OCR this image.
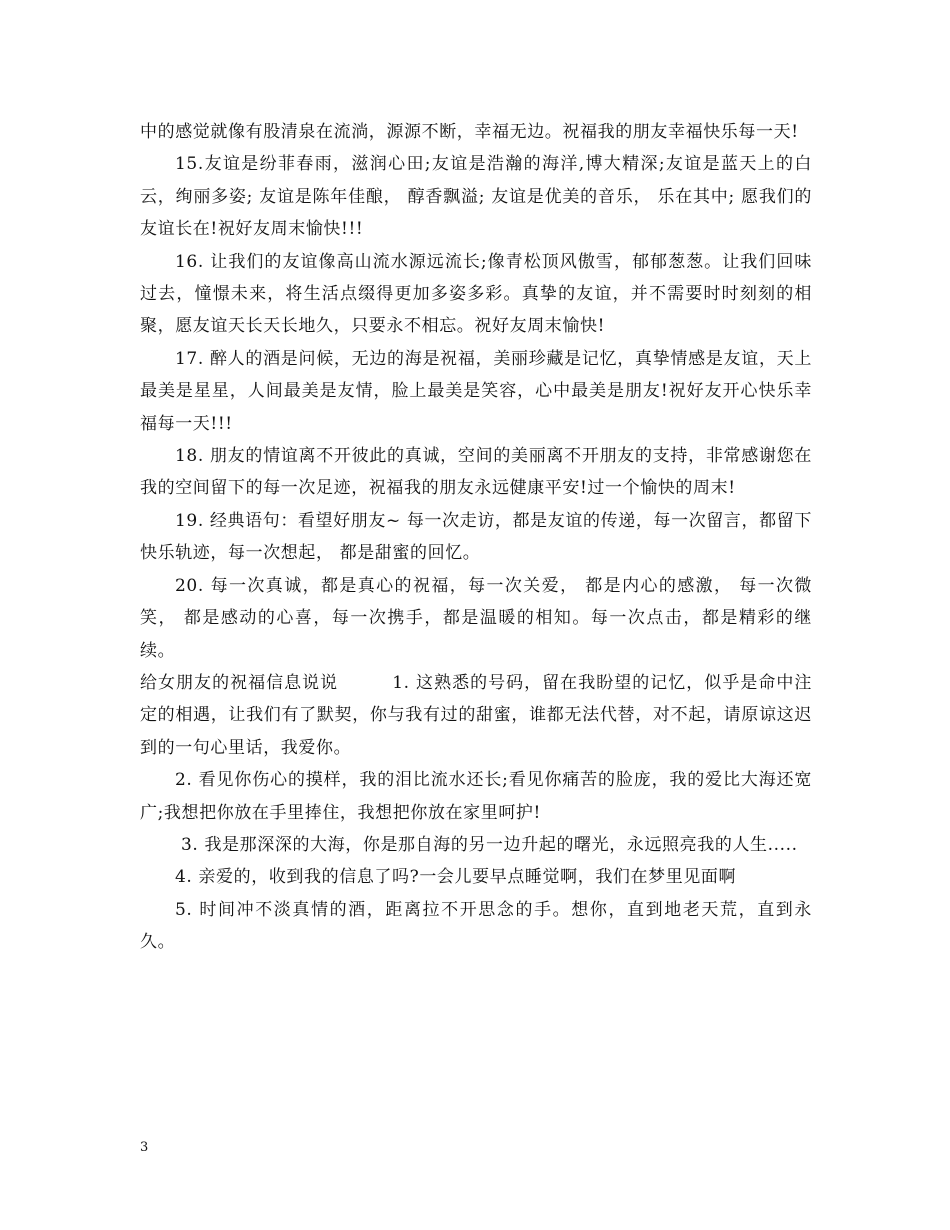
中的感觉就像有股清泉在流淌，源源不断，幸福无边。祝福我的朋友幸福快乐每一天!

15.友谊是纷菲春雨，滋润心田;友谊是浩瀚的海洋,博大精深;友谊是蓝天上的白云，绚丽多姿; 友谊是陈年佳酿， 醇香飘溢; 友谊是优美的音乐， 乐在其中; 愿我们的友谊长在!祝好友周末愉快!!!

16. 让我们的友谊像高山流水源远流长;像青松顶风傲雪，郁郁葱葱。让我们回味过去，憧憬未来，将生活点缀得更加多姿多彩。真挚的友谊，并不需要时时刻刻的相聚，愿友谊天长天长地久，只要永不相忘。祝好友周末愉快!

17. 醉人的酒是问候，无边的海是祝福，美丽珍藏是记忆，真挚情感是友谊，天上最美是星星，人间最美是友情，脸上最美是笑容，心中最美是朋友!祝好友开心快乐幸福每一天!!!

18. 朋友的情谊离不开彼此的真诚，空间的美丽离不开朋友的支持，非常感谢您在我的空间留下的每一次足迹，祝福我的朋友永远健康平安!过一个愉快的周末!

19. 经典语句：看望好朋友~ 每一次走访，都是友谊的传递，每一次留言，都留下快乐轨迹，每一次想起， 都是甜蜜的回忆。

20. 每一次真诚，都是真心的祝福，每一次关爱， 都是内心的感激， 每一次微笑， 都是感动的心喜，每一次携手，都是温暖的相知。每一次点击，都是精彩的继续。

给女朋友的祝福信息说说　　　1. 这熟悉的号码，留在我盼望的记忆，似乎是命中注定的相遇，让我们有了默契，你与我有过的甜蜜，谁都无法代替，对不起，请原谅这迟到的一句心里话，我爱你。

2. 看见你伤心的摸样，我的泪比流水还长;看见你痛苦的脸庞，我的爱比大海还宽广;我想把你放在手里捧住，我想把你放在家里呵护!

3. 我是那深深的大海，你是那自海的另一边升起的曙光，永远照亮我的人生.....

4. 亲爱的，收到我的信息了吗?一会儿要早点睡觉啊，我们在梦里见面啊

5. 时间冲不淡真情的酒，距离拉不开思念的手。想你，直到地老天荒，直到永久。

3
